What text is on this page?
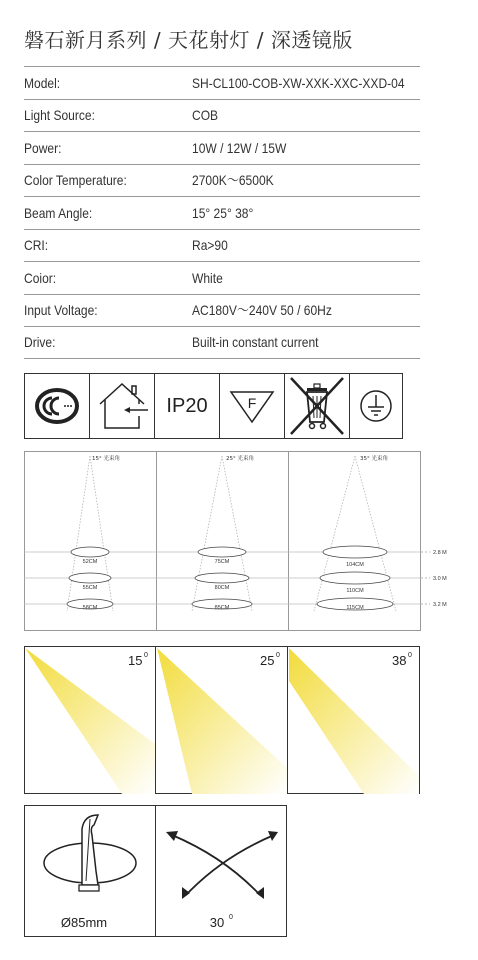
磐石新月系列 / 天花射灯 / 深透镜版
Model:	SH-CL100-COB-XW-XXK-XXC-XXD-04
Light Source:	COB
Power:	10W / 12W / 15W
Color Temperature:	2700K～6500K
Beam Angle:	15° 25° 38°
CRI:	Ra>90
Coior:	White
Input Voltage:	AC180V～240V 50 / 60Hz
Drive:	Built-in constant current
IP20	F
2.8 M
3.0 M
3.2 M
15° 光束角
52CM
55CM
58CM
25° 光束角
75CM
80CM
85CM
35° 光束角
104CM
110CM
115CM
15 0	25 0	38 0
Ø85mm	30 0
